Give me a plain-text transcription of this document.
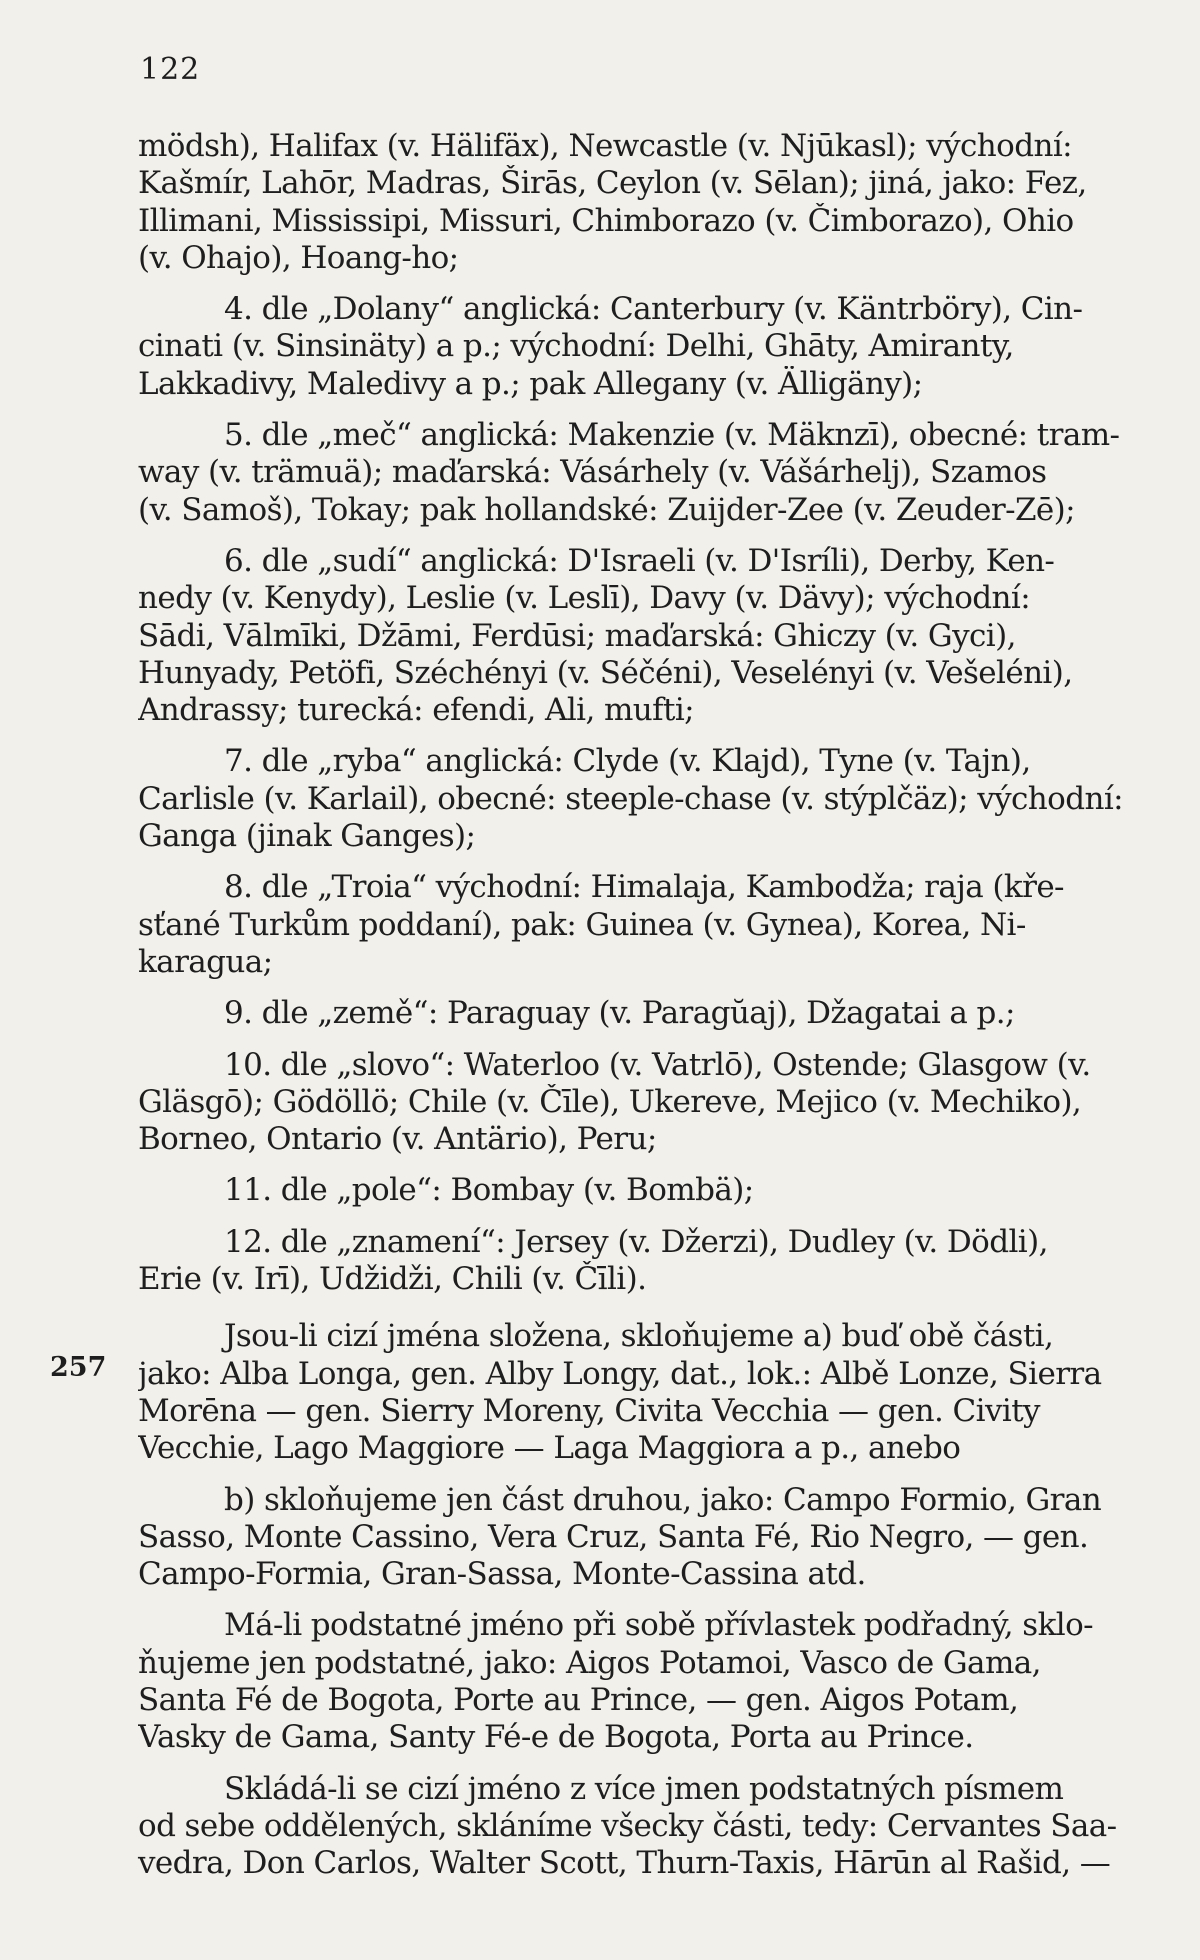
122
257
mödsh), Halifax (v. Hälifäx), Newcastle (v. Njūkasl); východní:
Kašmír, Lahōr, Madras, Širās, Ceylon (v. Sēlan); jiná, jako: Fez,
Illimani, Mississipi, Missuri, Chimborazo (v. Čimborazo), Ohio
(v. Ohajo), Hoang-ho;
4. dle „Dolany“ anglická: Canterbury (v. Käntrböry), Cin-
cinati (v. Sinsinäty) a p.; východní: Delhi, Ghāty, Amiranty,
Lakkadivy, Maledivy a p.; pak Allegany (v. Älligäny);
5. dle „meč“ anglická: Makenzie (v. Mäknzī), obecné: tram-
way (v. trämuä); maďarská: Vásárhely (v. Vášárhelj), Szamos
(v. Samoš), Tokay; pak hollandské: Zuijder-Zee (v. Zeuder-Zē);
6. dle „sudí“ anglická: D'Israeli (v. D'Isríli), Derby, Ken-
nedy (v. Kenydy), Leslie (v. Leslī), Davy (v. Dävy); východní:
Sādi, Vālmīki, Džāmi, Ferdūsi; maďarská: Ghiczy (v. Gyci),
Hunyady, Petöfi, Széchényi (v. Séčéni), Veselényi (v. Vešeléni),
Andrassy; turecká: efendi, Ali, mufti;
7. dle „ryba“ anglická: Clyde (v. Klajd), Tyne (v. Tajn),
Carlisle (v. Karlail), obecné: steeple-chase (v. stýplčäz); východní:
Ganga (jinak Ganges);
8. dle „Troia“ východní: Himalaja, Kambodža; raja (kře-
sťané Turkům poddaní), pak: Guinea (v. Gynea), Korea, Ni-
karagua;
9. dle „země“: Paraguay (v. Paragŭaj), Džagatai a p.;
10. dle „slovo“: Waterloo (v. Vatrlō), Ostende; Glasgow (v.
Gläsgō); Gödöllö; Chile (v. Čīle), Ukereve, Mejico (v. Mechiko),
Borneo, Ontario (v. Antärio), Peru;
11. dle „pole“: Bombay (v. Bombä);
12. dle „znamení“: Jersey (v. Džerzi), Dudley (v. Dödli),
Erie (v. Irī), Udžidži, Chili (v. Čīli).
Jsou-li cizí jména složena, skloňujeme a) buď obě části,
jako: Alba Longa, gen. Alby Longy, dat., lok.: Albě Lonze, Sierra
Morēna — gen. Sierry Moreny, Civita Vecchia — gen. Civity
Vecchie, Lago Maggiore — Laga Maggiora a p., anebo
b) skloňujeme jen část druhou, jako: Campo Formio, Gran
Sasso, Monte Cassino, Vera Cruz, Santa Fé, Rio Negro, — gen.
Campo-Formia, Gran-Sassa, Monte-Cassina atd.
Má-li podstatné jméno při sobě přívlastek podřadný, sklo-
ňujeme jen podstatné, jako: Aigos Potamoi, Vasco de Gama,
Santa Fé de Bogota, Porte au Prince, — gen. Aigos Potam,
Vasky de Gama, Santy Fé-e de Bogota, Porta au Prince.
Skládá-li se cizí jméno z více jmen podstatných písmem
od sebe oddělených, skláníme všecky části, tedy: Cervantes Saa-
vedra, Don Carlos, Walter Scott, Thurn-Taxis, Hārūn al Rašid, —
